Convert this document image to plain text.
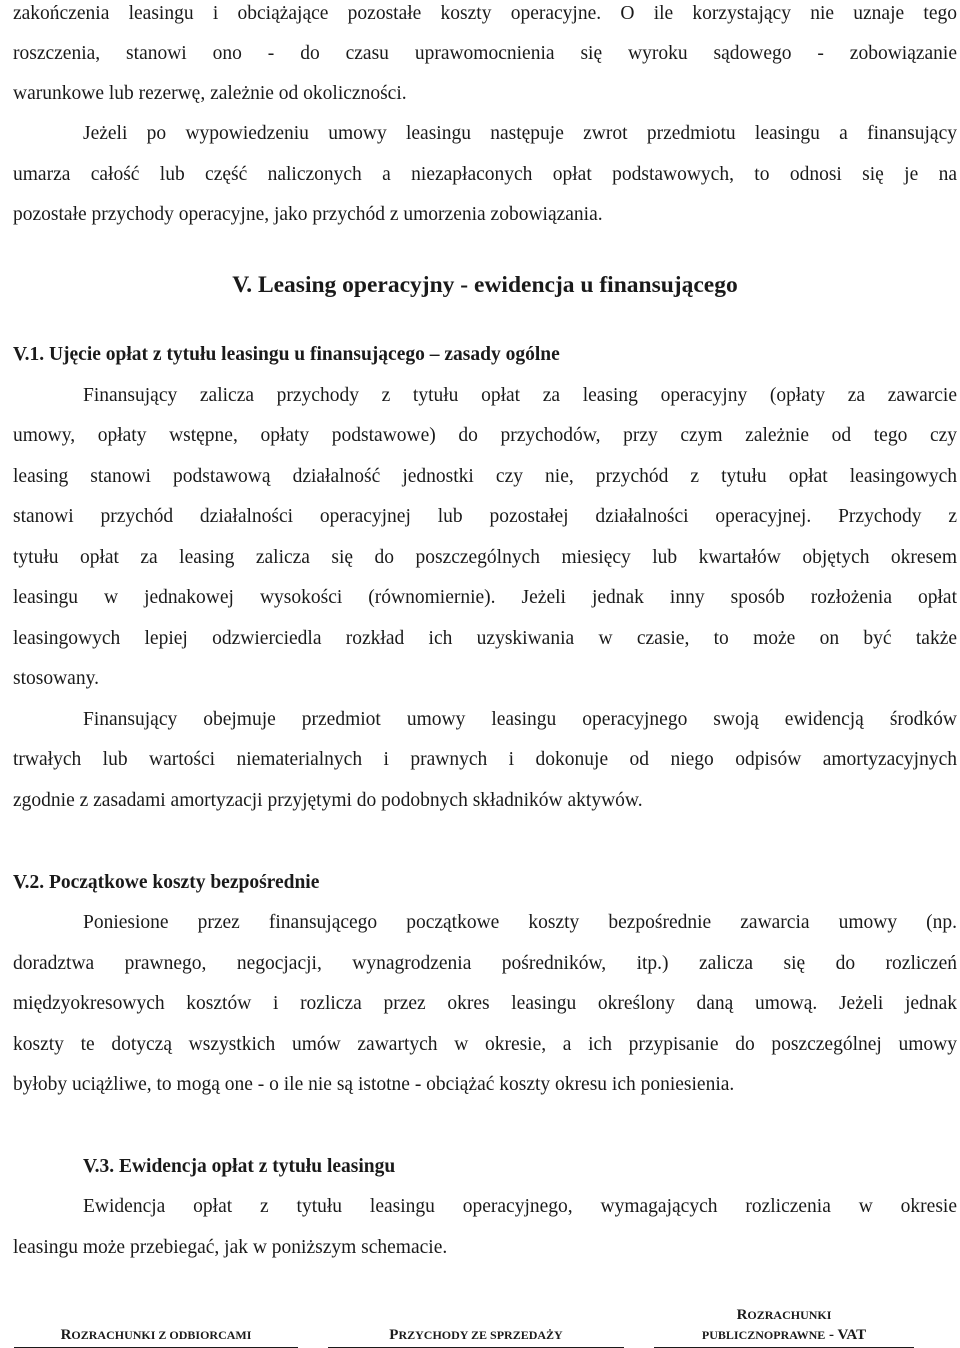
zakończenia leasingu i obciążające pozostałe koszty operacyjne. O ile korzystający nie uznaje tego
roszczenia, stanowi ono - do czasu uprawomocnienia się wyroku sądowego - zobowiązanie
warunkowe lub rezerwę, zależnie od okoliczności.
Jeżeli po wypowiedzeniu umowy leasingu następuje zwrot przedmiotu leasingu a finansujący
umarza całość lub część naliczonych a niezapłaconych opłat podstawowych, to odnosi się je na
pozostałe przychody operacyjne, jako przychód z umorzenia zobowiązania.
V. Leasing operacyjny - ewidencja u finansującego
V.1. Ujęcie opłat z tytułu leasingu u finansującego – zasady ogólne
Finansujący zalicza przychody z tytułu opłat za leasing operacyjny (opłaty za zawarcie
umowy, opłaty wstępne, opłaty podstawowe) do przychodów, przy czym zależnie od tego czy
leasing stanowi podstawową działalność jednostki czy nie, przychód z tytułu opłat leasingowych
stanowi przychód działalności operacyjnej lub pozostałej działalności operacyjnej. Przychody z
tytułu opłat za leasing zalicza się do poszczególnych miesięcy lub kwartałów objętych okresem
leasingu w jednakowej wysokości (równomiernie). Jeżeli jednak inny sposób rozłożenia opłat
leasingowych lepiej odzwierciedla rozkład ich uzyskiwania w czasie, to może on być także
stosowany.
Finansujący obejmuje przedmiot umowy leasingu operacyjnego swoją ewidencją środków
trwałych lub wartości niematerialnych i prawnych i dokonuje od niego odpisów amortyzacyjnych
zgodnie z zasadami amortyzacji przyjętymi do podobnych składników aktywów.
V.2. Początkowe koszty bezpośrednie
Poniesione przez finansującego początkowe koszty bezpośrednie zawarcia umowy (np.
doradztwa prawnego, negocjacji, wynagrodzenia pośredników, itp.) zalicza się do rozliczeń
międzyokresowych kosztów i rozlicza przez okres leasingu określony daną umową. Jeżeli jednak
koszty te dotyczą wszystkich umów zawartych w okresie, a ich przypisanie do poszczególnej umowy
byłoby uciążliwe, to mogą one - o ile nie są istotne - obciążać koszty okresu ich poniesienia.
V.3. Ewidencja opłat z tytułu leasingu
Ewidencja opłat z tytułu leasingu operacyjnego, wymagających rozliczenia w okresie
leasingu może przebiegać, jak w poniższym schemacie.
ROZRACHUNKI Z ODBIORCAMI	PRZYCHODY ZE SPRZEDAŻY
ROZRACHUNKI
PUBLICZNOPRAWNE - VAT
